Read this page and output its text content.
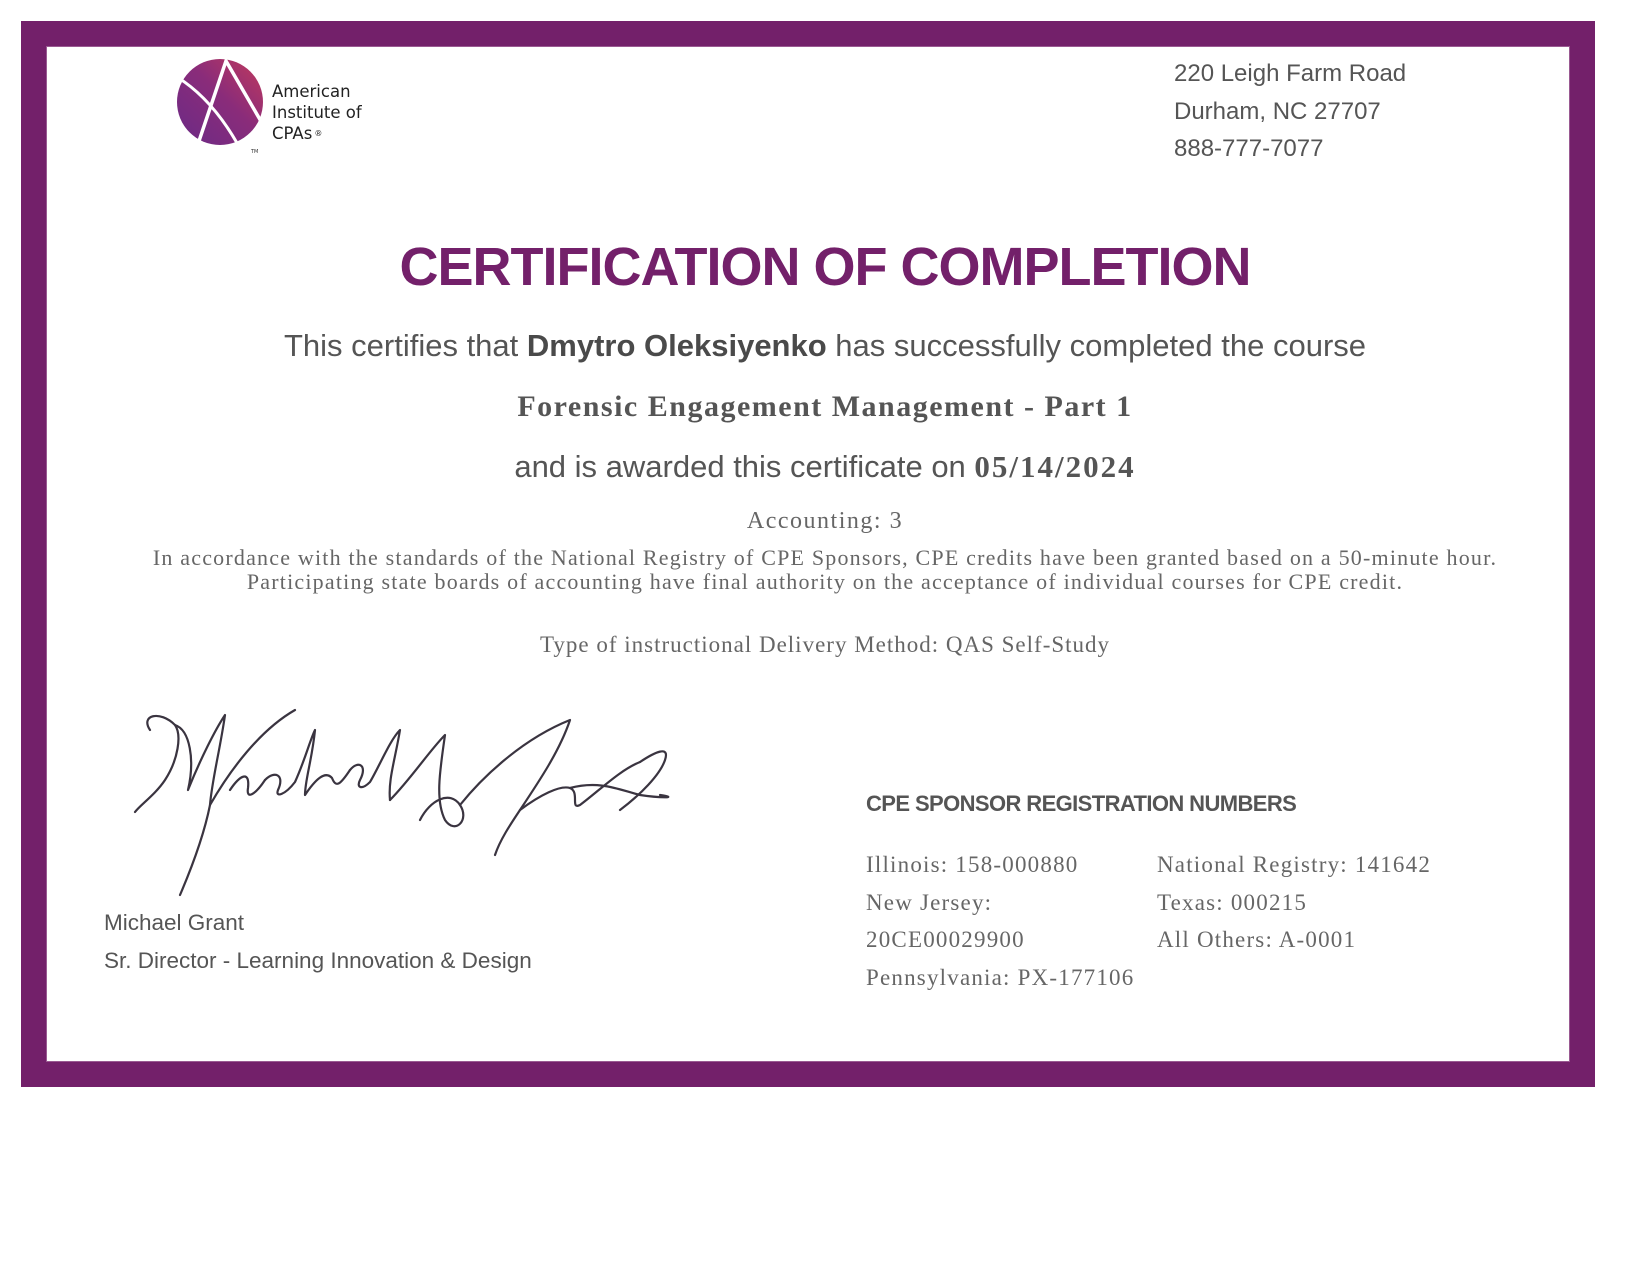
TM
American
Institute of
CPAs ®
220 Leigh Farm Road
Durham, NC 27707
888-777-7077
CERTIFICATION OF COMPLETION
This certifies that Dmytro Oleksiyenko has successfully completed the course
Forensic Engagement Management - Part 1
and is awarded this certificate on 05/14/2024
Accounting: 3
In accordance with the standards of the National Registry of CPE Sponsors, CPE credits have been granted based on a 50-minute hour. Participating state boards of accounting have final authority on the acceptance of individual courses for CPE credit.
Type of instructional Delivery Method: QAS Self-Study
Michael Grant
Sr. Director - Learning Innovation & Design
CPE SPONSOR REGISTRATION NUMBERS
Illinois: 158-000880
New Jersey:
20CE00029900
Pennsylvania: PX-177106
National Registry: 141642
Texas: 000215
All Others: A-0001
